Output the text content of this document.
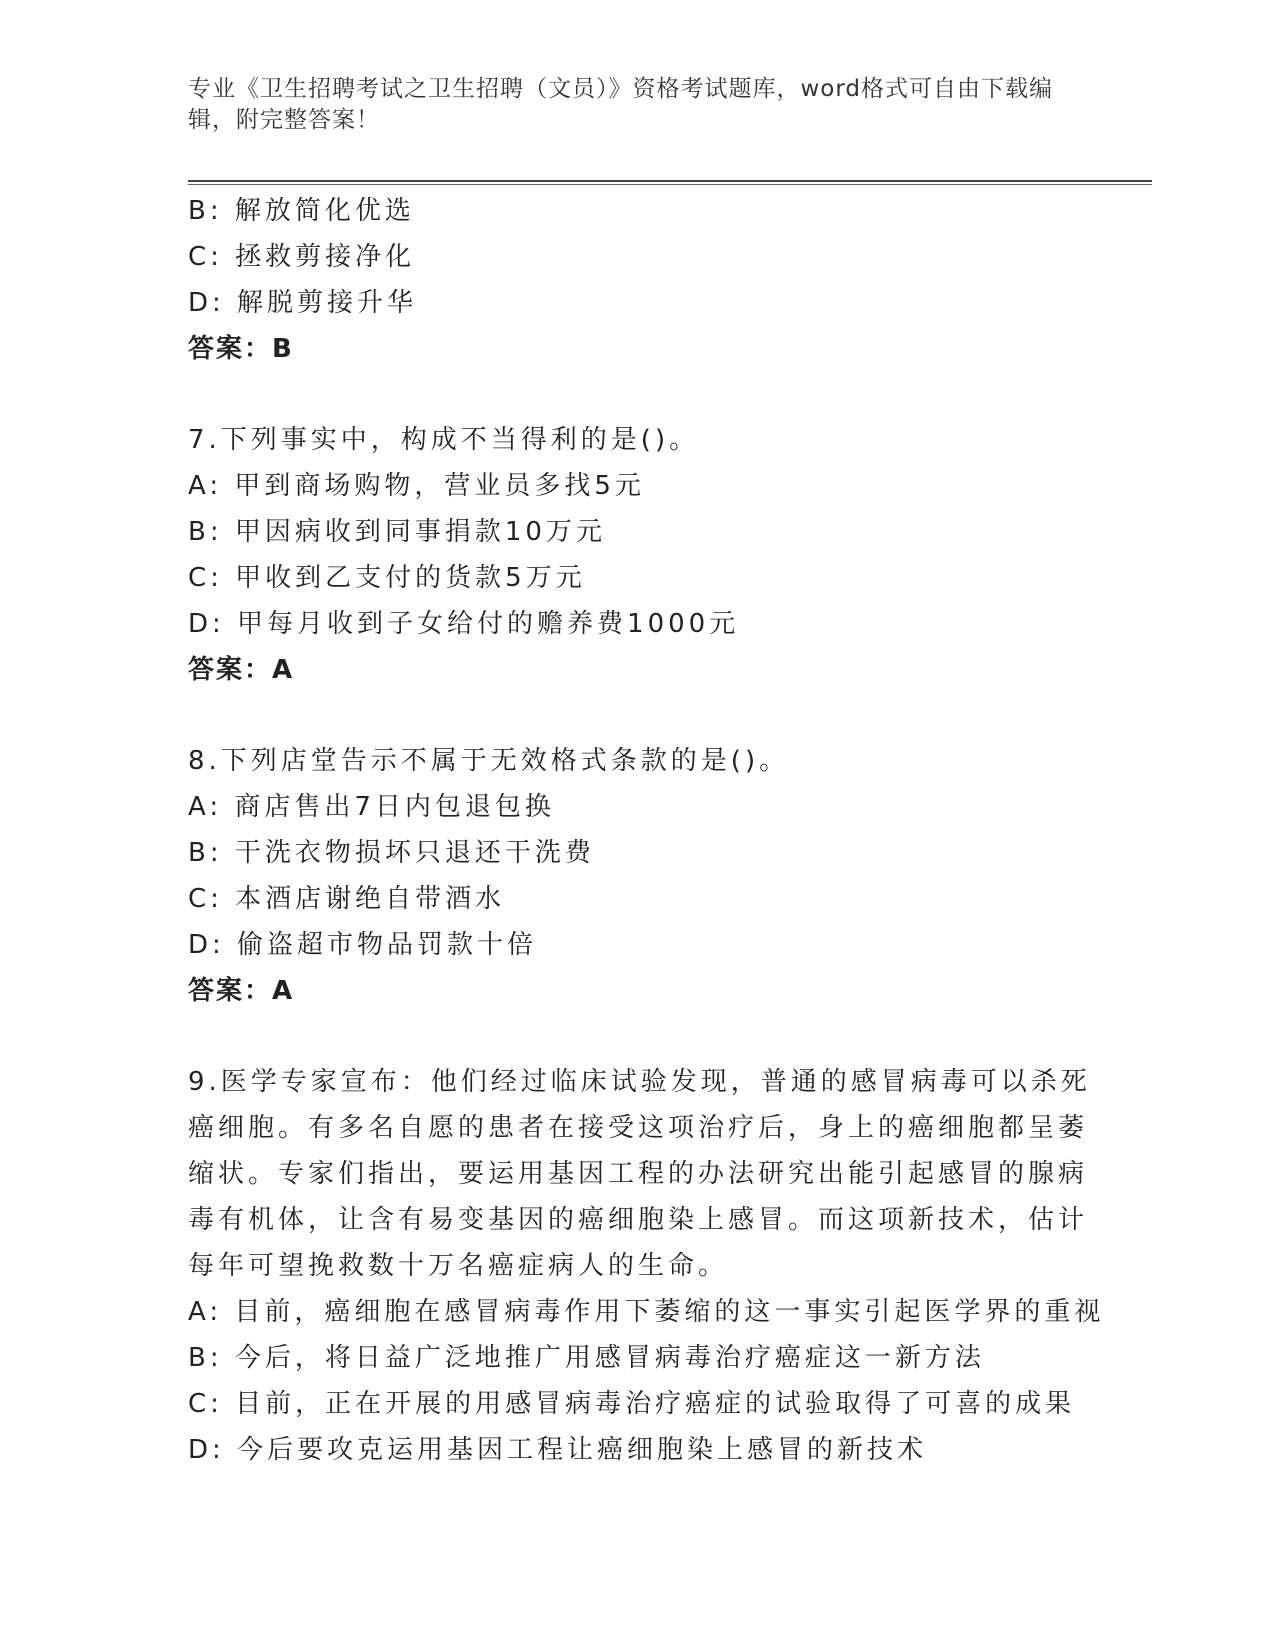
专业《卫生招聘考试之卫生招聘（文员）》资格考试题库，word格式可自由下载编辑，附完整答案！
B: 解放简化优选
C: 拯救剪接净化
D: 解脱剪接升华
答案：B
7.下列事实中，构成不当得利的是()。
A: 甲到商场购物，营业员多找5元
B: 甲因病收到同事捐款10万元
C: 甲收到乙支付的货款5万元
D: 甲每月收到子女给付的赡养费1000元
答案：A
8.下列店堂告示不属于无效格式条款的是()。
A: 商店售出7日内包退包换
B: 干洗衣物损坏只退还干洗费
C: 本酒店谢绝自带酒水
D: 偷盗超市物品罚款十倍
答案：A
9.医学专家宣布：他们经过临床试验发现，普通的感冒病毒可以杀死
癌细胞。有多名自愿的患者在接受这项治疗后，身上的癌细胞都呈萎
缩状。专家们指出，要运用基因工程的办法研究出能引起感冒的腺病
毒有机体，让含有易变基因的癌细胞染上感冒。而这项新技术，估计
每年可望挽救数十万名癌症病人的生命。
A: 目前，癌细胞在感冒病毒作用下萎缩的这一事实引起医学界的重视
B: 今后，将日益广泛地推广用感冒病毒治疗癌症这一新方法
C: 目前，正在开展的用感冒病毒治疗癌症的试验取得了可喜的成果
D: 今后要攻克运用基因工程让癌细胞染上感冒的新技术
